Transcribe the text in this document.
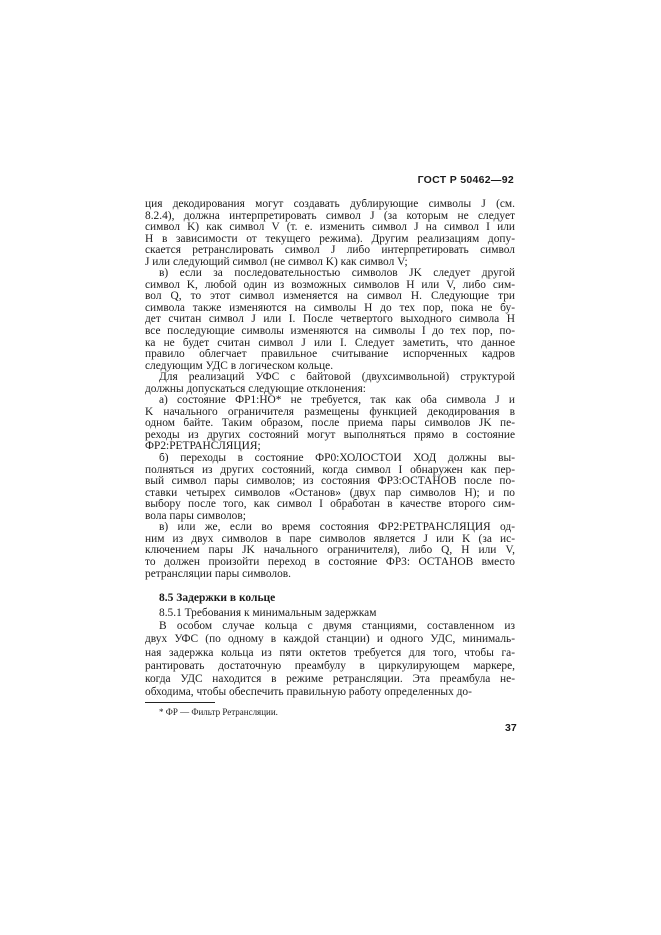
ГОСТ Р 50462—92
ция декодирования могут создавать дублирующие символы J (см.
8.2.4), должна интерпретировать символ J (за которым не следует
символ K) как символ V (т. е. изменить символ J на символ I или
H в зависимости от текущего режима). Другим реализациям допу-
скается ретранслировать символ J либо интерпретировать символ
J или следующий символ (не символ K) как символ V;
в) если за последовательностью символов JK следует другой
символ K, любой один из возможных символов H или V, либо сим-
вол Q, то этот символ изменяется на символ H. Следующие три
символа также изменяются на символы H до тех пор, пока не бу-
дет считан символ J или I. После четвертого выходного символа H
все последующие символы изменяются на символы I до тех пор, по-
ка не будет считан символ J или I. Следует заметить, что данное
правило облегчает правильное считывание испорченных кадров
следующим УДС в логическом кольце.
Для реализаций УФС с байтовой (двухсимвольной) структурой
должны допускаться следующие отклонения:
а) состояние ФР1:НО* не требуется, так как оба символа J и
K начального ограничителя размещены функцией декодирования в
одном байте. Таким образом, после приема пары символов JK пе-
реходы из других состояний могут выполняться прямо в состояние
ФР2:РЕТРАНСЛЯЦИЯ;
б) переходы в состояние ФР0:ХОЛОСТОЙ ХОД должны вы-
полняться из других состояний, когда символ I обнаружен как пер-
вый символ пары символов; из состояния ФР3:ОСТАНОВ после по-
ставки четырех символов «Останов» (двух пар символов H); и по
выбору после того, как символ I обработан в качестве второго сим-
вола пары символов;
в) или же, если во время состояния ФР2:РЕТРАНСЛЯЦИЯ од-
ним из двух символов в паре символов является J или K (за ис-
ключением пары JK начального ограничителя), либо Q, H или V,
то должен произойти переход в состояние ФР3: ОСТАНОВ вместо
ретрансляции пары символов.
8.5 Задержки в кольце
8.5.1 Требования к минимальным задержкам
В особом случае кольца с двумя станциями, составленном из
двух УФС (по одному в каждой станции) и одного УДС, минималь-
ная задержка кольца из пяти октетов требуется для того, чтобы га-
рантировать достаточную преамбулу в циркулирующем маркере,
когда УДС находится в режиме ретрансляции. Эта преамбула не-
обходима, чтобы обеспечить правильную работу определенных до-
* ФР — Фильтр Ретрансляции.
37
